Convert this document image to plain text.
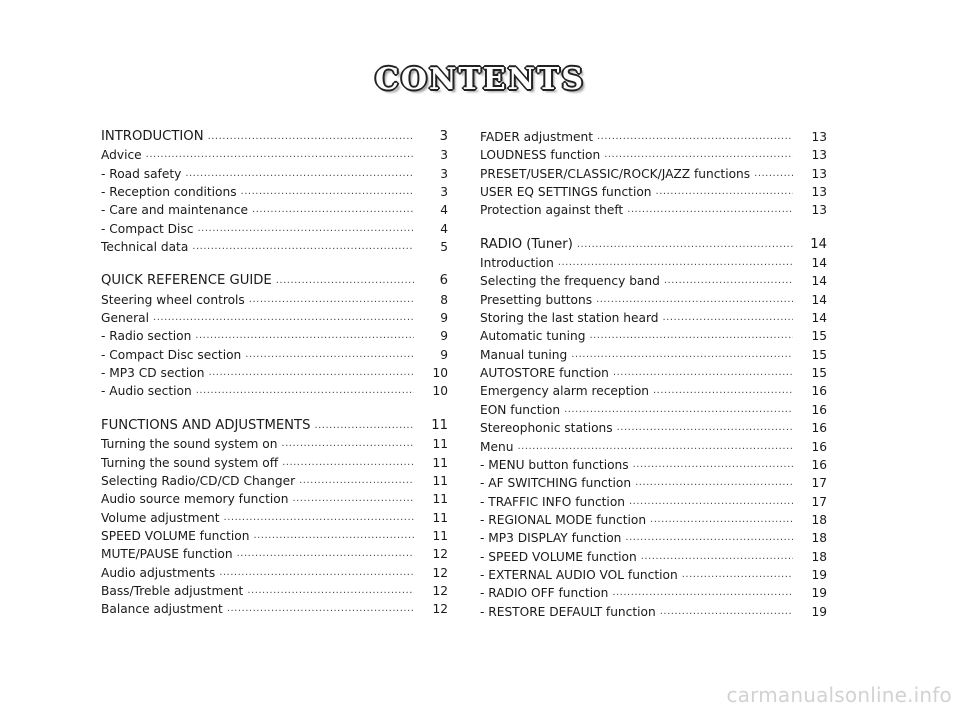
CONTENTS
INTRODUCTION .....	3
Advice .....	3
- Road safety .....	3
- Reception conditions .....	3
- Care and maintenance .....	4
- Compact Disc .....	4
Technical data .....	5
QUICK REFERENCE GUIDE .....	6
Steering wheel controls .....	8
General .....	9
- Radio section .....	9
- Compact Disc section .....	9
- MP3 CD section .....	10
- Audio section .....	10
FUNCTIONS AND ADJUSTMENTS .....	11
Turning the sound system on .....	11
Turning the sound system off .....	11
Selecting Radio/CD/CD Changer .....	11
Audio source memory function .....	11
Volume adjustment .....	11
SPEED VOLUME function .....	11
MUTE/PAUSE function .....	12
Audio adjustments .....	12
Bass/Treble adjustment .....	12
Balance adjustment .....	12
FADER adjustment .....	13
LOUDNESS function .....	13
PRESET/USER/CLASSIC/ROCK/JAZZ functions .....	13
USER EQ SETTINGS function .....	13
Protection against theft .....	13
RADIO (Tuner) .....	14
Introduction .....	14
Selecting the frequency band .....	14
Presetting buttons .....	14
Storing the last station heard .....	14
Automatic tuning .....	15
Manual tuning .....	15
AUTOSTORE function .....	15
Emergency alarm reception .....	16
EON function .....	16
Stereophonic stations .....	16
Menu .....	16
- MENU button functions .....	16
- AF SWITCHING function .....	17
- TRAFFIC INFO function .....	17
- REGIONAL MODE function .....	18
- MP3 DISPLAY function .....	18
- SPEED VOLUME function .....	18
- EXTERNAL AUDIO VOL function .....	19
- RADIO OFF function .....	19
- RESTORE DEFAULT function .....	19
carmanualsonline.info
